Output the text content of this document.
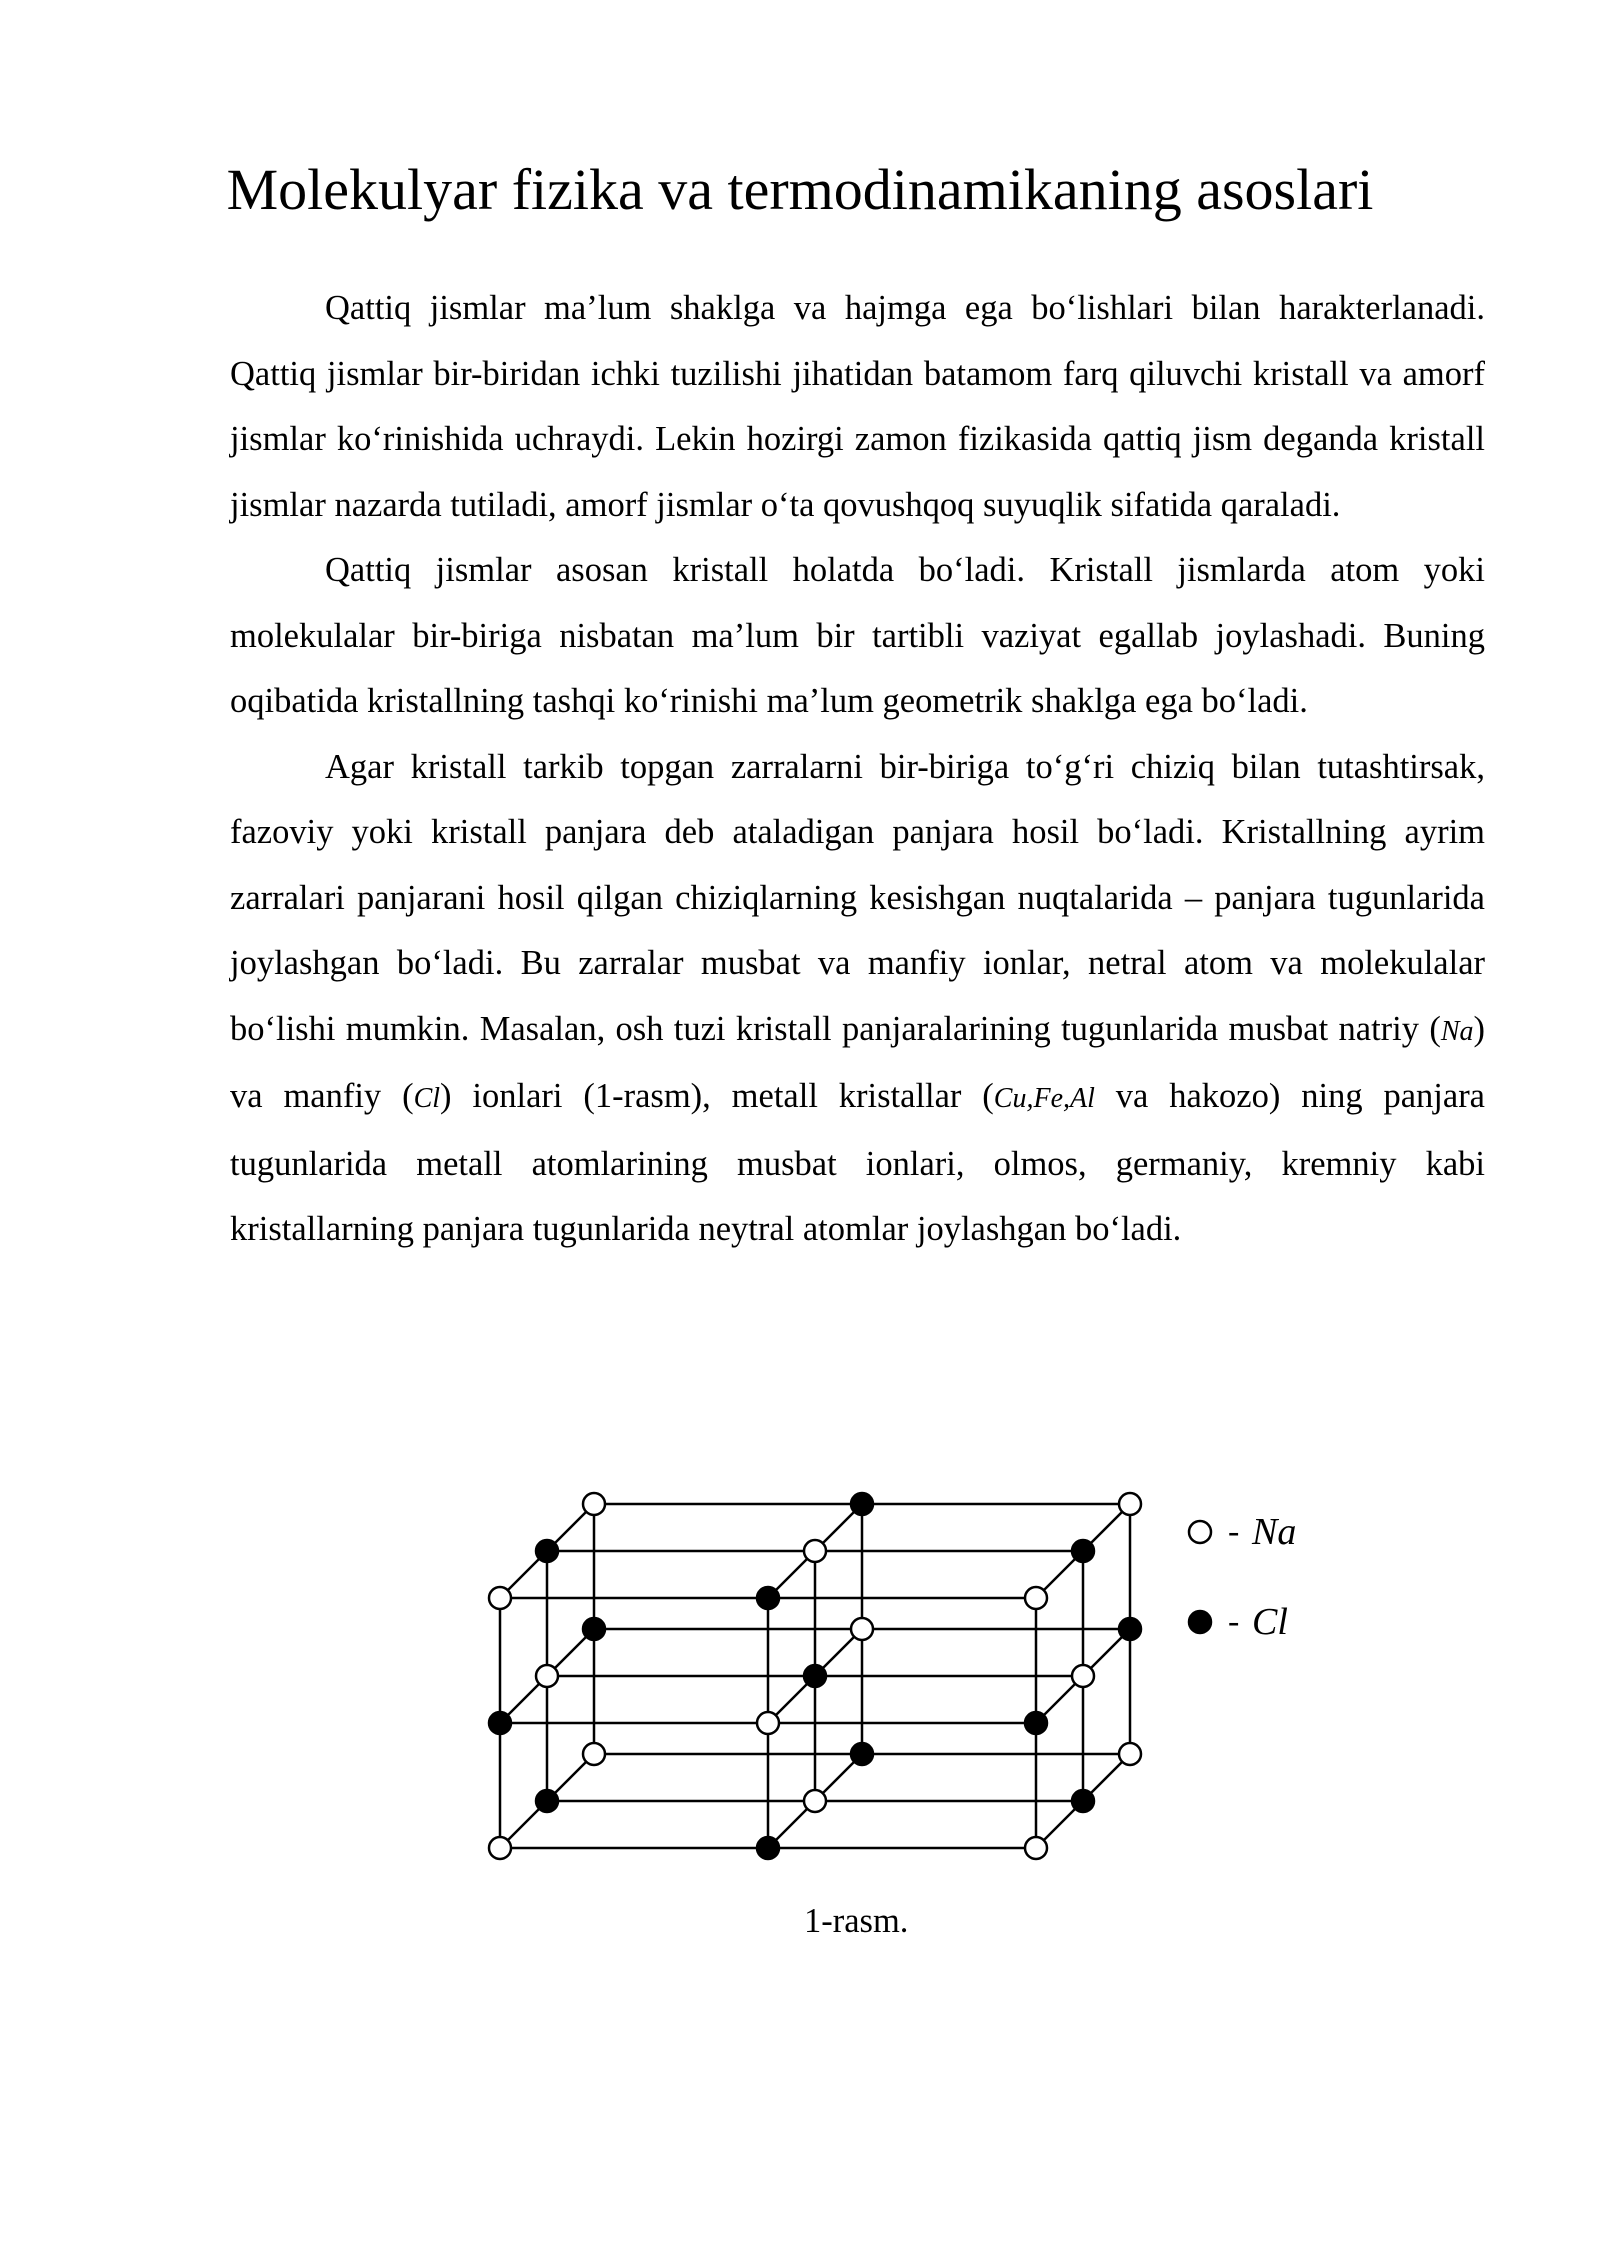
Molekulyar fizika va termodinamikaning asoslari

Qattiq jismlar ma’lum shaklga va hajmga ega bo‘lishlari bilan harakterlanadi. Qattiq jismlar bir-biridan ichki tuzilishi jihatidan batamom farq qiluvchi kristall va amorf jismlar ko‘rinishida uchraydi. Lekin hozirgi zamon fizikasida qattiq jism deganda kristall jismlar nazarda tutiladi, amorf jismlar o‘ta qovushqoq suyuqlik sifatida qaraladi.

Qattiq jismlar asosan kristall holatda bo‘ladi. Kristall jismlarda atom yoki molekulalar bir-biriga nisbatan ma’lum bir tartibli vaziyat egallab joylashadi. Buning oqibatida kristallning tashqi ko‘rinishi ma’lum geometrik shaklga ega bo‘ladi.

Agar kristall tarkib topgan zarralarni bir-biriga to‘g‘ri chiziq bilan tutashtirsak, fazoviy yoki kristall panjara deb ataladigan panjara hosil bo‘ladi. Kristallning ayrim zarralari panjarani hosil qilgan chiziqlarning kesishgan nuqtalarida – panjara tugunlarida joylashgan bo‘ladi. Bu zarralar musbat va manfiy ionlar, netral atom va molekulalar bo‘lishi mumkin. Masalan, osh tuzi kristall panjaralarining tugunlarida musbat natriy (Na) va manfiy (Cl) ionlari (1-rasm), metall kristallar (Cu,Fe,Al va hakozo) ning panjara tugunlarida metall atomlarining musbat ionlari, olmos, germaniy, kremniy kabi kristallarning panjara tugunlarida neytral atomlar joylashgan bo‘ladi.

- Na
- Cl
1-rasm.
